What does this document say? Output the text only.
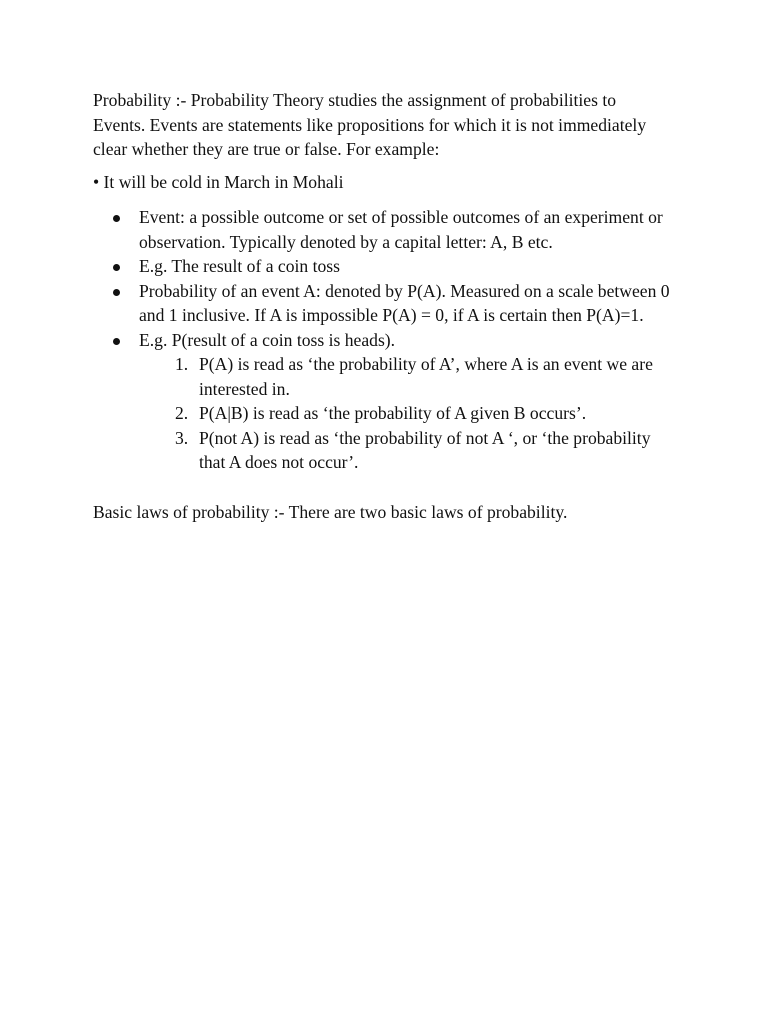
Probability :- Probability Theory studies the assignment of probabilities to Events. Events are statements like propositions for which it is not immediately clear whether they are true or false. For example:

• It will be cold in March in Mohali

Event: a possible outcome or set of possible outcomes of an experiment or observation. Typically denoted by a capital letter: A, B etc.
E.g. The result of a coin toss
Probability of an event A: denoted by P(A). Measured on a scale between 0 and 1 inclusive. If A is impossible P(A) = 0, if A is certain then P(A)=1.
E.g. P(result of a coin toss is heads).
1. P(A) is read as ‘the probability of A’, where A is an event we are interested in.
2. P(A|B) is read as ‘the probability of A given B occurs’.
3. P(not A) is read as ‘the probability of not A ‘, or ‘the probability that A does not occur’.

Basic laws of probability :- There are two basic laws of probability.
